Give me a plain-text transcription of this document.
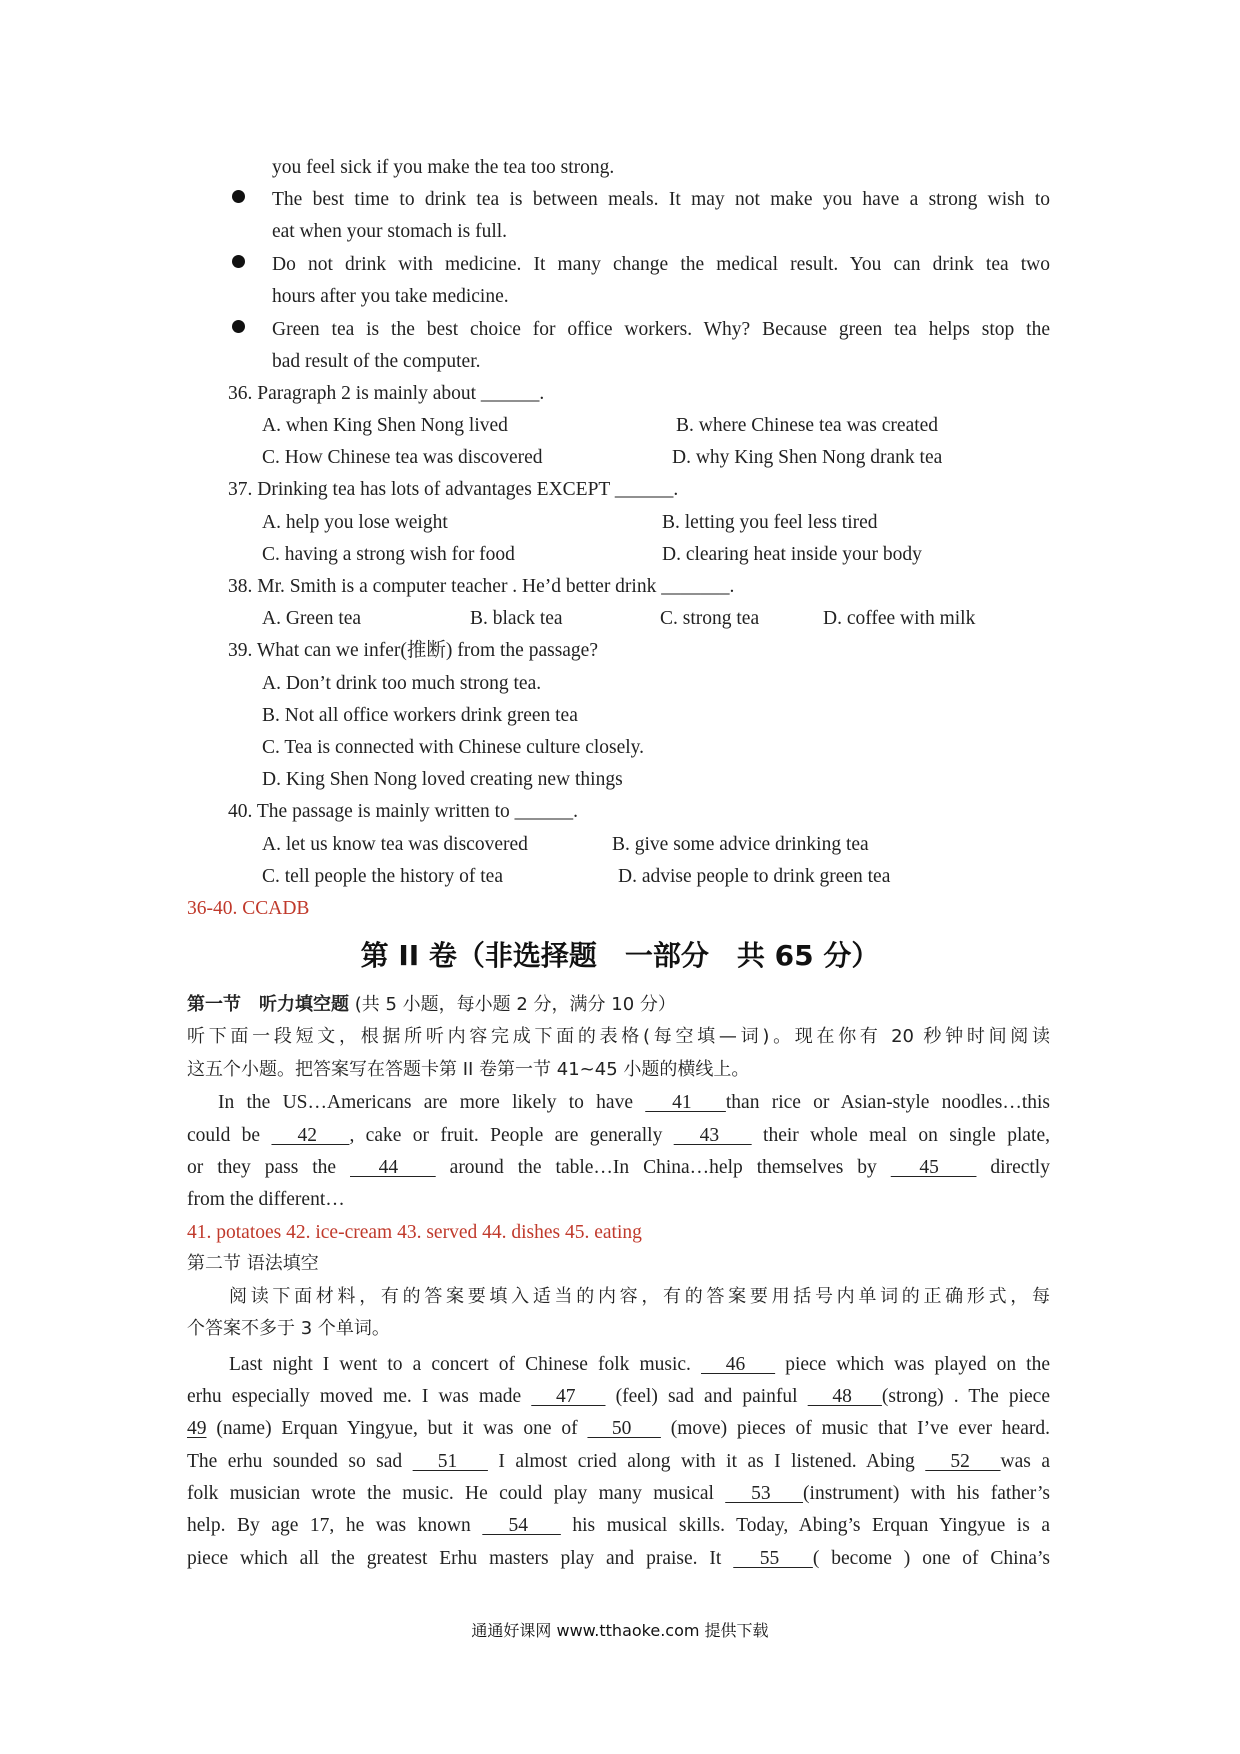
you feel sick if you make the tea too strong.
The best time to drink tea is between meals. It may not make you have a strong wish to
eat when your stomach is full.
Do not drink with medicine. It many change the medical result. You can drink tea two
hours after you take medicine.
Green tea is the best choice for office workers. Why? Because green tea helps stop the
bad result of the computer.
36. Paragraph 2 is mainly about ______.
A. when King Shen Nong lived	B. where Chinese tea was created
C. How Chinese tea was discovered	D. why King Shen Nong drank tea
37. Drinking tea has lots of advantages EXCEPT ______.
A. help you lose weight	B. letting you feel less tired
C. having a strong wish for food	D. clearing heat inside your body
38. Mr. Smith is a computer teacher . He’d better drink _______.
A. Green tea	B. black tea	C. strong tea	D. coffee with milk
39. What can we infer(推断) from the passage?
A. Don’t drink too much strong tea.
B. Not all office workers drink green tea
C. Tea is connected with Chinese culture closely.
D. King Shen Nong loved creating new things
40. The passage is mainly written to ______.
A. let us know tea was discovered	B. give some advice drinking tea
C. tell people the history of tea	D. advise people to drink green tea
36-40. CCADB
第 II 卷（非选择题　一部分　共 65 分）
第一节　听力填空题 (共 5 小题，每小题 2 分，满分 10 分）
听下面一段短文，根据所听内容完成下面的表格(每空填—词)。现在你有 20 秒钟时间阅读
这五个小题。把答案写在答题卡第 II 卷第一节 41~45 小题的横线上。
In the US…Americans are more likely to have 　41　than rice or Asian-style noodles…this
could be 　42　, cake or fruit. People are generally 　43　 their whole meal on single plate,
or they pass the 　44　 around the table…In China…help themselves by 　45　 directly
from the different…
41. potatoes 42. ice-cream 43. served 44. dishes 45. eating
第二节 语法填空
阅读下面材料，有的答案要填入适当的内容，有的答案要用括号内单词的正确形式，每
个答案不多于 3 个单词。
Last night I went to a concert of Chinese folk music. 　46　 piece which was played on the
erhu especially moved me. I was made 　47　 (feel) sad and painful 　48　(strong) . The piece
49 (name) Erquan Yingyue, but it was one of 　50　 (move) pieces of music that I’ve ever heard.
The erhu sounded so sad 　51　 I almost cried along with it as I listened. Abing 　52　was a
folk musician wrote the music. He could play many musical 　53　(instrument) with his father’s
help. By age 17, he was known 　54　 his musical skills. Today, Abing’s Erquan Yingyue is a
piece which all the greatest Erhu masters play and praise. It 　55　( become ) one of China’s
通通好课网 www.tthaoke.com 提供下载
